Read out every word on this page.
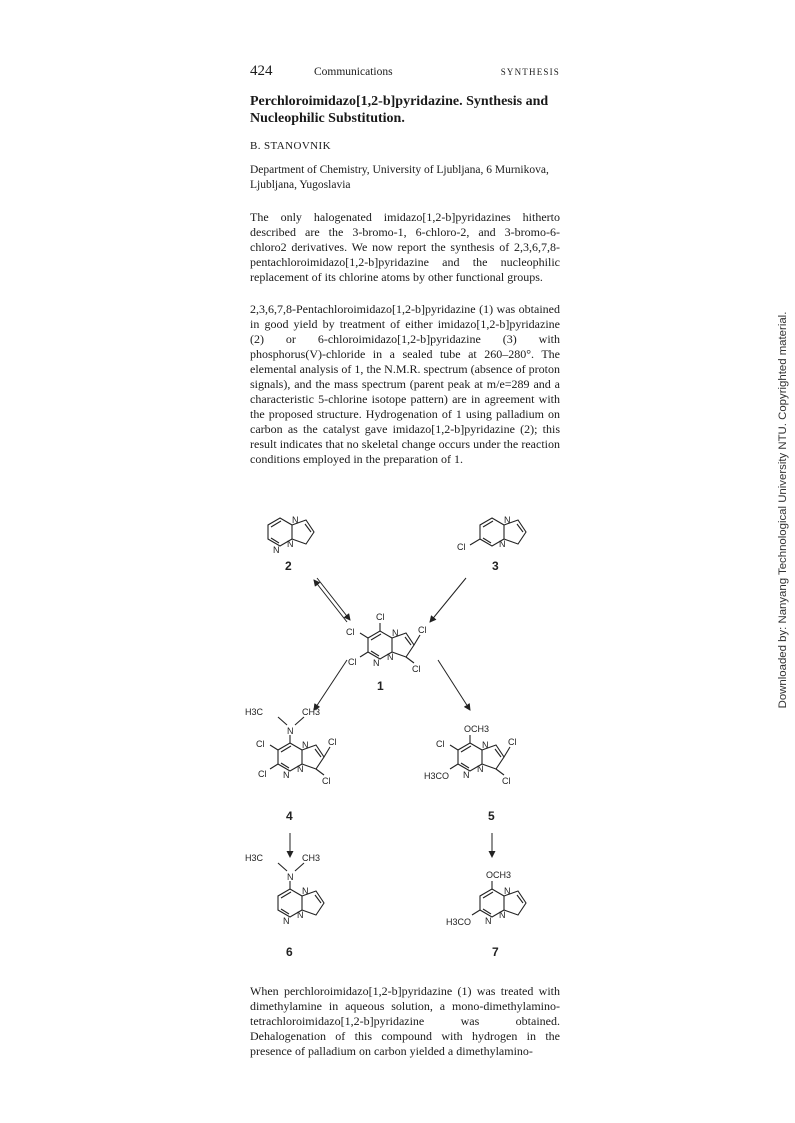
424	Communications	SYNTHESIS
Perchloroimidazo[1,2-b]pyridazine. Synthesis and
Nucleophilic Substitution.
B. STANOVNIK
Department of Chemistry, University of Ljubljana, 6 Murnikova, Ljubljana, Yugoslavia

The only halogenated imidazo[1,2-b]pyridazines hitherto described are the 3-bromo-1, 6-chloro-2, and 3-bromo-6-chloro2 derivatives. We now report the synthesis of 2,3,6,7,8-pentachloroimidazo[1,2-b]pyridazine and the nucleophilic replacement of its chlorine atoms by other functional groups.

2,3,6,7,8-Pentachloroimidazo[1,2-b]pyridazine (1) was obtained in good yield by treatment of either imidazo[1,2-b]pyridazine (2) or 6-chloroimidazo[1,2-b]pyridazine (3) with phosphorus(V)-chloride in a sealed tube at 260–280°. The elemental analysis of 1, the N.M.R. spectrum (absence of proton signals), and the mass spectrum (parent peak at m/e=289 and a characteristic 5-chlorine isotope pattern) are in agreement with the proposed structure. Hydrogenation of 1 using palladium on carbon as the catalyst gave imidazo[1,2-b]pyridazine (2); this result indicates that no skeletal change occurs under the reaction conditions employed in the preparation of 1.

N
N
N
2
Cl
N
N
3
Cl
Cl
Cl
Cl
Cl
N
N
N
1
N
H3C	CH3
Cl
Cl
Cl
Cl
N
N
N
4
OCH3
Cl
H3CO
Cl
Cl
N
N
N
5
N
H3C	CH3
N
N
N
6
OCH3
H3CO
N
N
N
7

When perchloroimidazo[1,2-b]pyridazine (1) was treated with dimethylamine in aqueous solution, a mono-dimethylamino-tetrachloroimidazo[1,2-b]pyridazine was obtained. Dehalogenation of this compound with hydrogen in the presence of palladium on carbon yielded a dimethylamino-

Downloaded by: Nanyang Technological University NTU. Copyrighted material.
